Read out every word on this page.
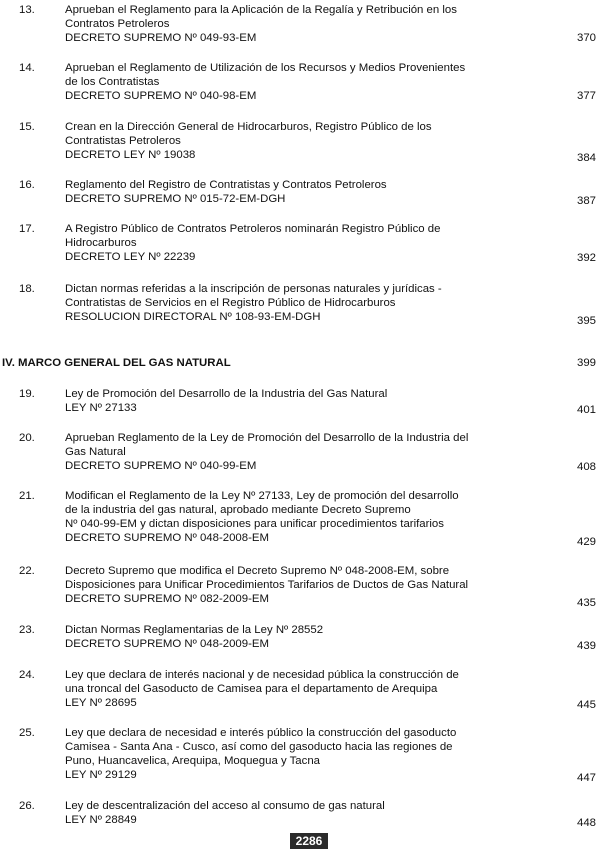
13.	Aprueban el Reglamento para la Aplicación de la Regalía y Retribución en los
Contratos Petroleros
DECRETO SUPREMO Nº 049-93-EM	370
14.	Aprueban el Reglamento de Utilización de los Recursos y Medios Provenientes
de los Contratistas
DECRETO SUPREMO Nº 040-98-EM	377
15.	Crean en la Dirección General de Hidrocarburos, Registro Público de los
Contratistas Petroleros
DECRETO LEY Nº 19038	384
16.	Reglamento del Registro de Contratistas y Contratos Petroleros
DECRETO SUPREMO Nº 015-72-EM-DGH	387
17.	A Registro Público de Contratos Petroleros nominarán Registro Público de
Hidrocarburos
DECRETO LEY Nº 22239	392
18.	Dictan normas referidas a la inscripción de personas naturales y jurídicas -
Contratistas de Servicios en el Registro Público de Hidrocarburos
RESOLUCION DIRECTORAL Nº 108-93-EM-DGH	395
IV. MARCO GENERAL DEL GAS NATURAL	399
19.	Ley de Promoción del Desarrollo de la Industria del Gas Natural
LEY Nº 27133	401
20.	Aprueban Reglamento de la Ley de Promoción del Desarrollo de la Industria del
Gas Natural
DECRETO SUPREMO Nº 040-99-EM	408
21.	Modifican el Reglamento de la Ley Nº 27133, Ley de promoción del desarrollo
de la industria del gas natural, aprobado mediante Decreto Supremo
Nº 040-99-EM y dictan disposiciones para unificar procedimientos tarifarios
DECRETO SUPREMO Nº 048-2008-EM	429
22.	Decreto Supremo que modifica el Decreto Supremo Nº 048-2008-EM, sobre
Disposiciones para Unificar Procedimientos Tarifarios de Ductos de Gas Natural
DECRETO SUPREMO Nº 082-2009-EM	435
23.	Dictan Normas Reglamentarias de la Ley Nº 28552
DECRETO SUPREMO Nº 048-2009-EM	439
24.	Ley que declara de interés nacional y de necesidad pública la construcción de
una troncal del Gasoducto de Camisea para el departamento de Arequipa
LEY Nº 28695	445
25.	Ley que declara de necesidad e interés público la construcción del gasoducto
Camisea - Santa Ana - Cusco, así como del gasoducto hacia las regiones de
Puno, Huancavelica, Arequipa, Moquegua y Tacna
LEY Nº 29129	447
26.	Ley de descentralización del acceso al consumo de gas natural
LEY Nº 28849	448
2286
